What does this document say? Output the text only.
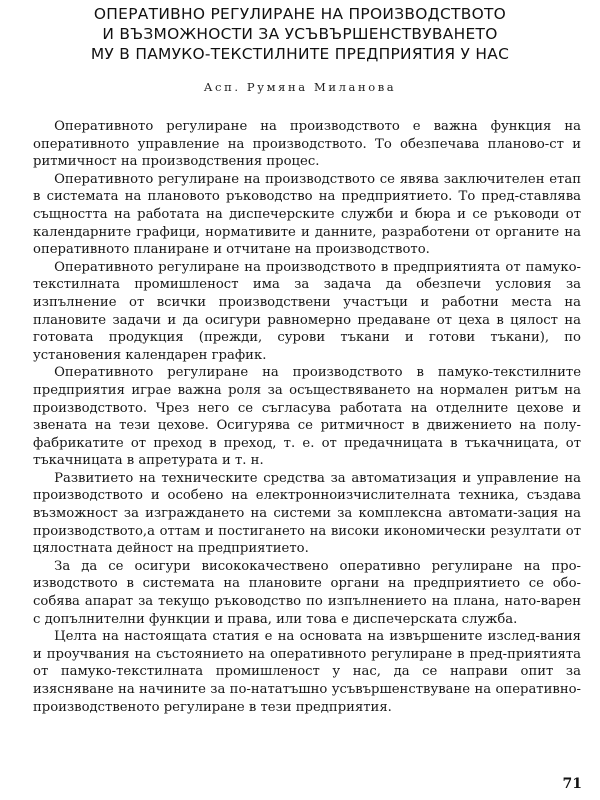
ОПЕРАТИВНО РЕГУЛИРАНЕ НА ПРОИЗВОДСТВОТО
И ВЪЗМОЖНОСТИ ЗА УСЪВЪРШЕНСТВУВАНЕТО
МУ В ПАМУКО-ТЕКСТИЛНИТЕ ПРЕДПРИЯТИЯ У НАС
Асп. Румяна Миланова

Оперативното регулиране на производството е важна функция на оперативното управление на производството. То обезпечава планово-ст и ритмичност на производствения процес.

Оперативното регулиране на производството се явява заключителен етап в системата на плановото ръководство на предприятието. То пред-ставлява същността на работата на диспечерските служби и бюра и се ръководи от календарните графици, нормативите и данните, разработени от органите на оперативното планиране и отчитане на производството.

Оперативното регулиране на производството в предприятията от памуко-текстилната промишленост има за задача да обезпечи условия за изпълнение от всички производствени участъци и работни места на плановите задачи и да осигури равномерно предаване от цеха в цялост на готовата продукция (прежди, сурови тъкани и готови тъкани), по установения календарен график.

Оперативното регулиране на производството в памуко-текстилните предприятия играе важна роля за осъществяването на нормален ритъм на производството. Чрез него се съгласува работата на отделните цехове и звената на тези цехове. Осигурява се ритмичност в движението на полу-фабрикатите от преход в преход, т. е. от предачницата в тъкачницата, от тъкачницата в апретурата и т. н.

Развитието на техническите средства за автоматизация и управление на производството и особено на електронноизчислителната техника, създава възможност за изграждането на системи за комплексна автомати-зация на производството,а оттам и постигането на високи икономически резултати от цялостната дейност на предприятието.

За да се осигури висококачествено оперативно регулиране на про-изводството в системата на плановите органи на предприятието се обо-собява апарат за текущо ръководство по изпълнението на плана, нато-варен с допълнителни функции и права, или това е диспечерската служба.

Целта на настоящата статия е на основата на извършените изслед-вания и проучвания на състоянието на оперативното регулиране в пред-приятията от памуко-текстилната промишленост у нас, да се направи опит за изясняване на начините за по-нататъшно усъвършенствуване на оперативно-производственото регулиране в тези предприятия.

71
